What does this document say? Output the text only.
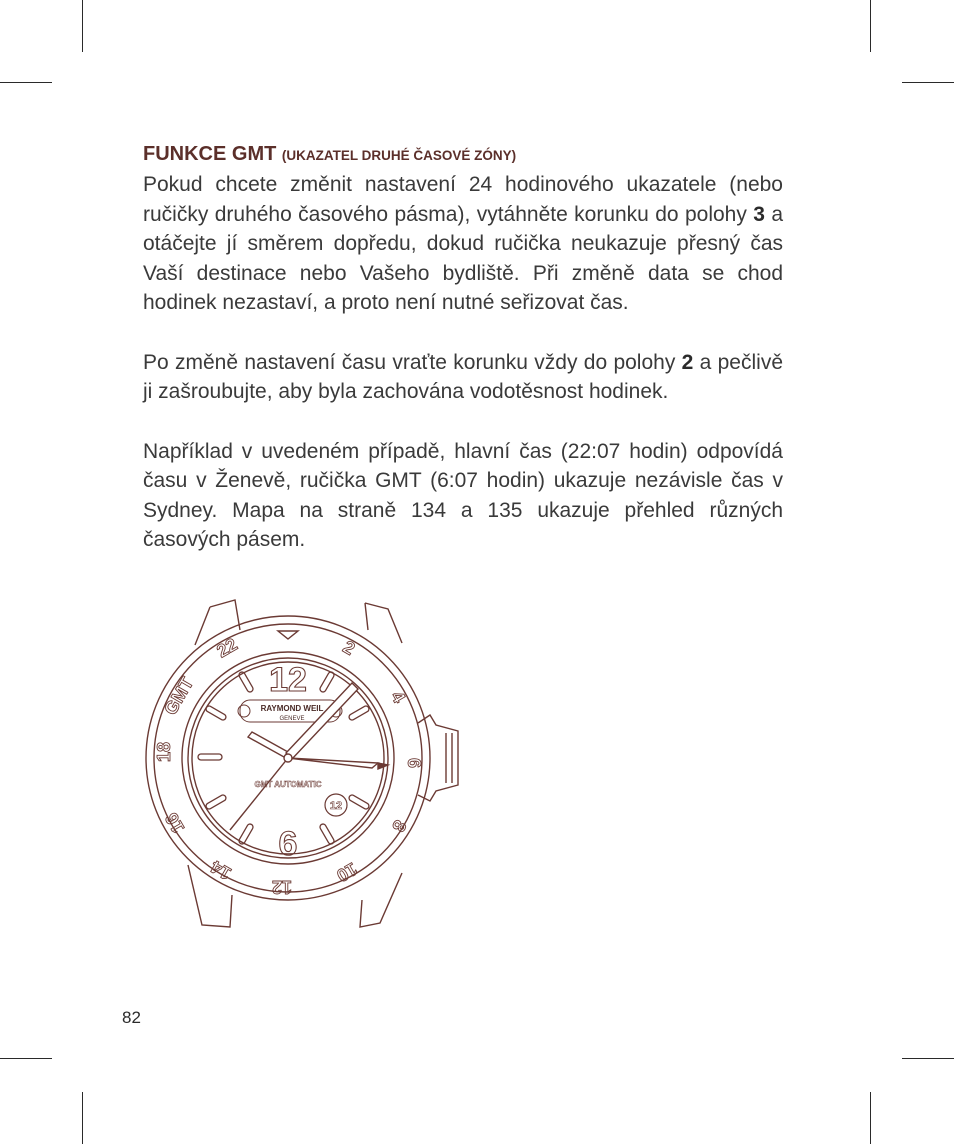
FUNKCE GMT (UKAZATEL DRUHÉ ČASOVÉ ZÓNY)

Pokud chcete změnit nastavení 24 hodinového ukazatele (nebo ručičky druhého časového pásma), vytáhněte korunku do polohy 3 a otáčejte jí směrem dopředu, dokud ručička neukazuje přesný čas Vaší destinace nebo Vašeho bydliště. Při změně data se chod hodinek nezastaví, a proto není nutné seřizovat čas.

Po změně nastavení času vraťte korunku vždy do polohy 2 a pečlivě ji zašroubujte, aby byla zachována vodotěsnost hodinek.

Například v uvedeném případě, hlavní čas (22:07 hodin) odpovídá času v Ženevě, ručička GMT (6:07 hodin) ukazuje nezávisle čas v Sydney. Mapa na straně 134 a 135 ukazuje přehled různých časových pásem.

22	2
4
6
8
10
12
14
16
18
GMT 12
6
RAYMOND WEIL
GENEVE
GMT AUTOMATIC
12
82
